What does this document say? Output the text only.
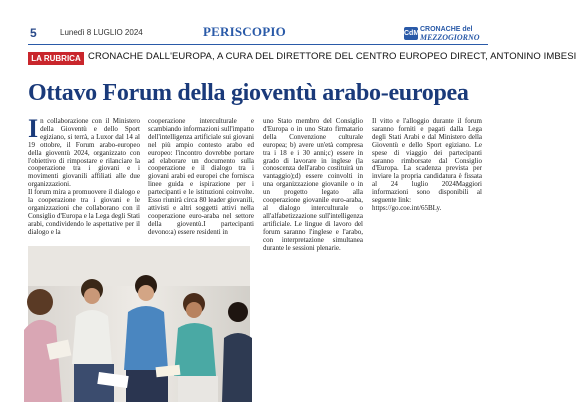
5	Lunedì 8 LUGLIO 2024	PERISCOPIO	CdM
CRONACHE del
MEZZOGIORNO
LA RUBRICA CRONACHE DALL'EUROPA, A CURA DEL DIRETTORE DEL CENTRO EUROPEO DIRECT, ANTONINO IMBESI
Ottavo Forum della gioventù arabo-europea

In collaborazione con il Ministero della Gioventù e dello Sport egiziano, si terrà, a Luxor dal 14 al 19 ottobre, il Forum arabo-europeo della gioventù 2024, organizzato con l'obiettivo di rimpostare e rilanciare la cooperazione tra i giovani e i movimenti giovanili affiliati alle due organizzazioni.

Il forum mira a promuovere il dialogo e la cooperazione tra i giovani e le organizzazioni che collaborano con il Consiglio d'Europa e la Lega degli Stati arabi, condividendo le aspettative per il dialogo e la

cooperazione interculturale e scambiando informazioni sull'impatto dell'intelligenza artificiale sui giovani nel più ampio contesto arabo ed europeo: l'incontro dovrebbe portare ad elaborare un documento sulla cooperazione e il dialogo tra i giovani arabi ed europei che fornisca linee guida e ispirazione per i partecipanti e le istituzioni coinvolte. Esso riunirà circa 80 leader giovanili, attivisti e altri soggetti attivi nella cooperazione euro-araba nel settore della gioventù.I partecipanti devono:a) essere residenti in

uno Stato membro del Consiglio d'Europa o in uno Stato firmatario della Convenzione culturale europea; b) avere un'età compresa tra i 18 e i 30 anni;c) essere in grado di lavorare in inglese (la conoscenza dell'arabo costituirà un vantaggio);d) essere coinvolti in una organizzazione giovanile o in un progetto legato alla cooperazione giovanile euro-araba, al dialogo interculturale o all'alfabetizzazione sull'intelligenza artificiale. Le lingue di lavoro del forum saranno l'inglese e l'arabo, con interpretazione simultanea durante le sessioni plenarie.

Il vitto e l'alloggio durante il forum saranno forniti e pagati dalla Lega degli Stati Arabi e dal Ministero della Gioventù e dello Sport egiziano. Le spese di viaggio dei partecipanti saranno rimborsate dal Consiglio d'Europa. La scadenza prevista per inviare la propria candidatura è fissata al 24 luglio 2024Maggiori informazioni sono disponibili al seguente link:

https://go.coe.int/65BLy.
